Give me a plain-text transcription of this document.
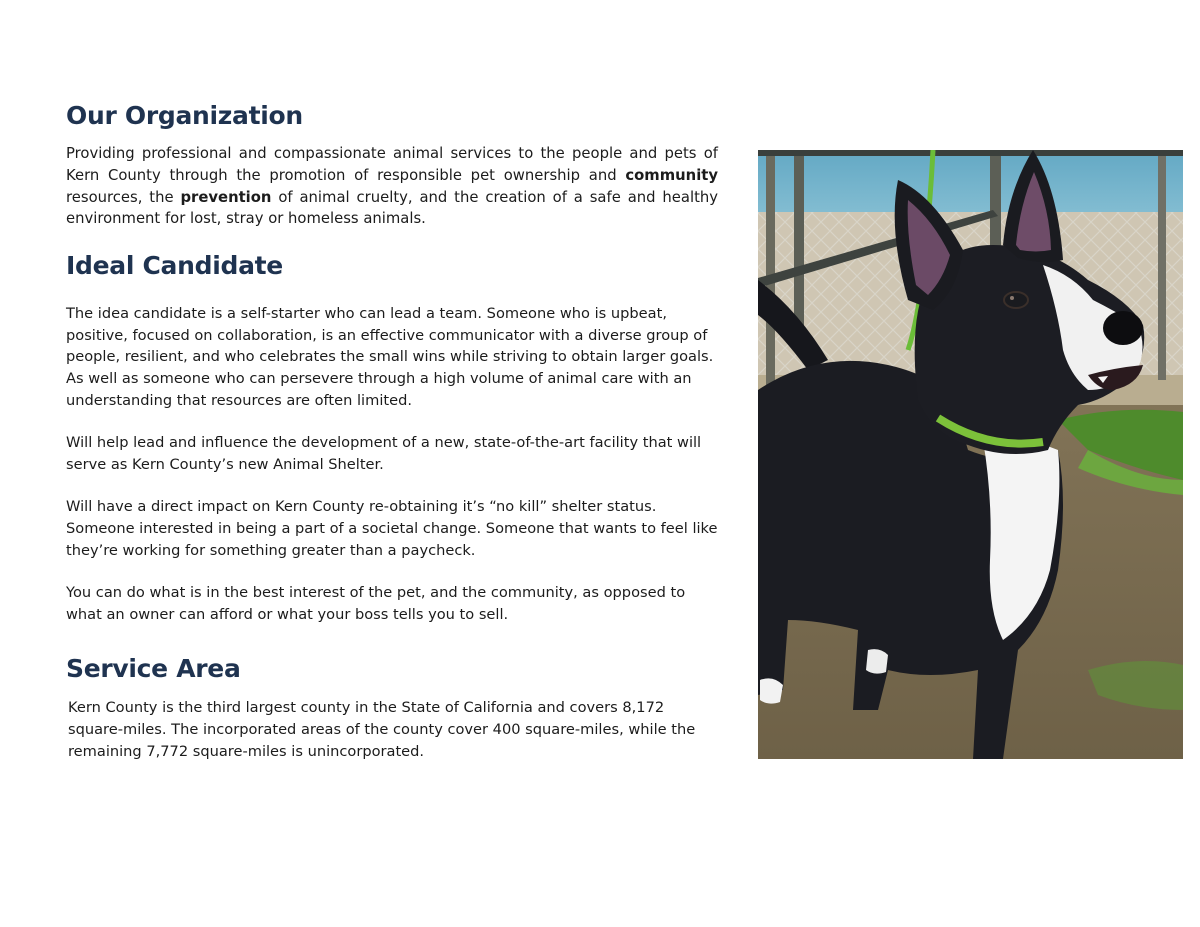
Our Organization

Providing professional and compassionate animal services to the people and pets of Kern County through the promotion of responsible pet ownership and community resources, the prevention of animal cruelty, and the creation of a safe and healthy environment for lost, stray or homeless animals.

Ideal Candidate

The idea candidate is a self-starter who can lead a team. Someone who is upbeat, positive, focused on collaboration, is an effective communicator with a diverse group of people, resilient, and who celebrates the small wins while striving to obtain larger goals. As well as someone who can persevere through a high volume of animal care with an understanding that resources are often limited.

Will help lead and influence the development of a new, state-of-the-art facility that will serve as Kern County’s new Animal Shelter.

Will have a direct impact on Kern County re-obtaining it’s “no kill” shelter status. Someone interested in being a part of a societal change. Someone that wants to feel like they’re working for something greater than a paycheck.

You can do what is in the best interest of the pet, and the community, as opposed to what an owner can afford or what your boss tells you to sell.

Service Area

Kern County is the third largest county in the State of California and covers 8,172 square-miles. The incorporated areas of the county cover 400 square-miles, while the remaining 7,772 square-miles is unincorporated.
